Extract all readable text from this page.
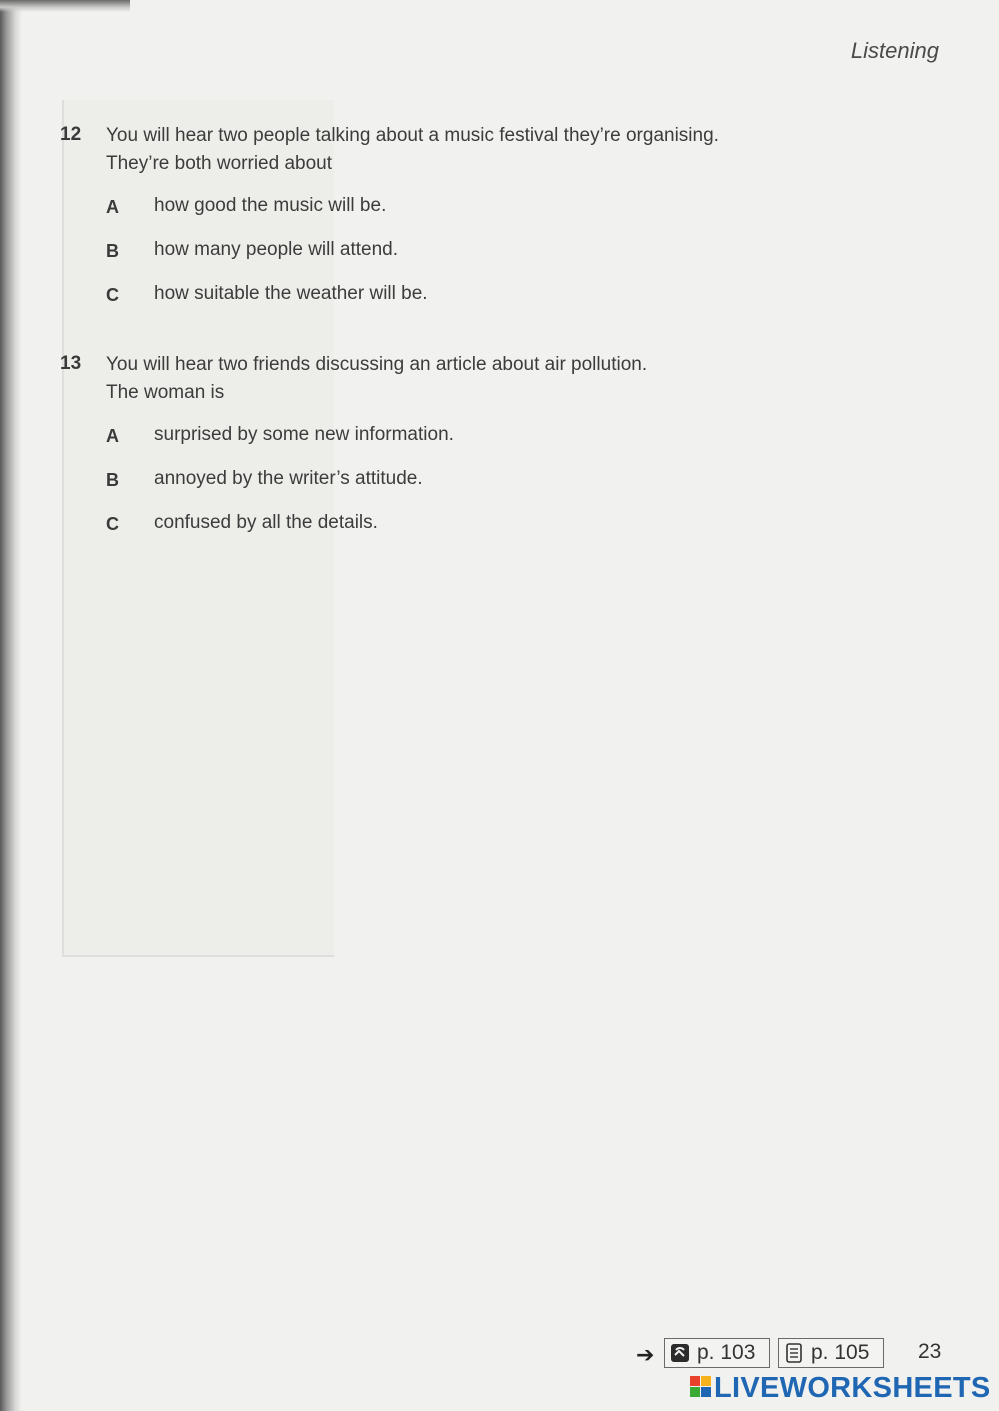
Listening
12 You will hear two people talking about a music festival they’re organising.
They’re both worried about
A how good the music will be.
B how many people will attend.
C how suitable the weather will be.
13 You will hear two friends discussing an article about air pollution.
The woman is
A surprised by some new information.
B annoyed by the writer’s attitude.
C confused by all the details.
➔ p. 103	p. 105 23
LIVEWORKSHEETS
